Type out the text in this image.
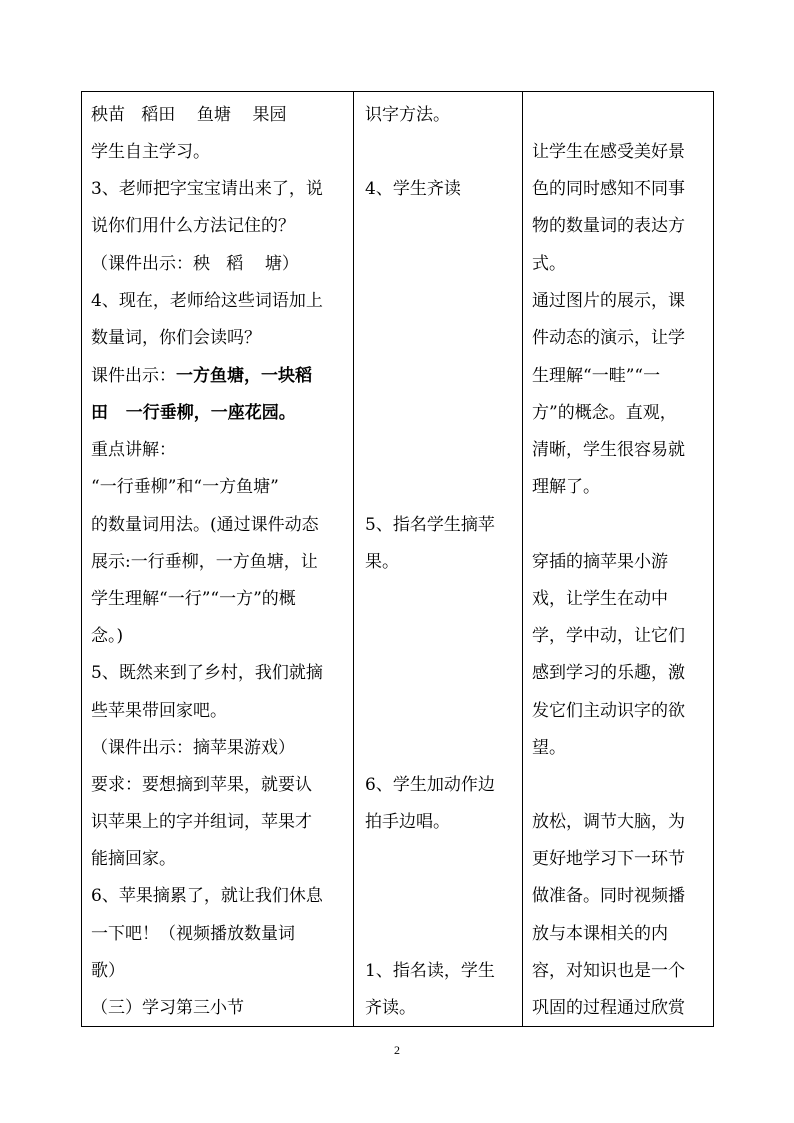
秧苗   稻田    鱼塘    果园
学生自主学习。
3、老师把字宝宝请出来了，说
说你们用什么方法记住的？
（课件出示：秧   稻    塘）
4、现在，老师给这些词语加上
数量词，你们会读吗？
课件出示：一方鱼塘，一块稻
田   一行垂柳，一座花园。
重点讲解：
“一行垂柳”和“一方鱼塘”
的数量词用法。(通过课件动态
展示:一行垂柳，一方鱼塘，让
学生理解“一行”“一方”的概
念。)
5、既然来到了乡村，我们就摘
些苹果带回家吧。
（课件出示：摘苹果游戏）
要求：要想摘到苹果，就要认
识苹果上的字并组词，苹果才
能摘回家。
6、苹果摘累了，就让我们休息
一下吧！（视频播放数量词
歌）
（三）学习第三小节
识字方法。
4、学生齐读
5、指名学生摘苹
果。
6、学生加动作边
拍手边唱。
1、指名读，学生
齐读。
让学生在感受美好景
色的同时感知不同事
物的数量词的表达方
式。
通过图片的展示，课
件动态的演示，让学
生理解“一畦”“一
方”的概念。直观，
清晰，学生很容易就
理解了。
穿插的摘苹果小游
戏，让学生在动中
学，学中动，让它们
感到学习的乐趣，激
发它们主动识字的欲
望。
放松，调节大脑，为
更好地学习下一环节
做准备。同时视频播
放与本课相关的内
容，对知识也是一个
巩固的过程通过欣赏
2
